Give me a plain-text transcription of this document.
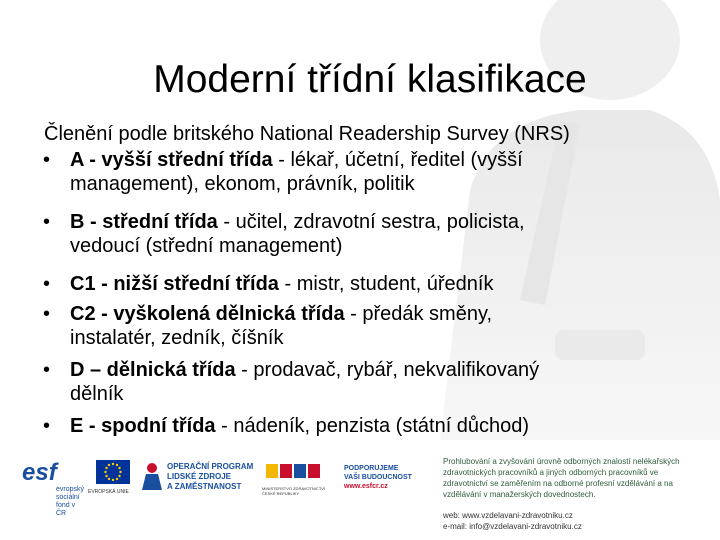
Moderní třídní klasifikace
Členění podle britského National Readership Survey (NRS)
• A - vyšší střední třída - lékař, účetní, ředitel (vyšší
management), ekonom, právník, politik
• B - střední třída - učitel, zdravotní sestra, policista,
vedoucí (střední management)
• C1 - nižší střední třída - mistr, student, úředník
• C2 - vyškolená dělnická třída - předák směny,
instalatér, zedník, číšník
• D – dělnická třída - prodavač, rybář, nekvalifikovaný
dělník
• E - spodní třída - nádeník, penzista (státní důchod)
esf
evropský
sociální
fond v ČR
EVROPSKÁ UNIE
OPERAČNÍ PROGRAM
LIDSKÉ ZDROJE
A ZAMĚSTNANOST	MINISTERSTVO ZDRAVOTNICTVÍ
ČESKÉ REPUBLIKY
PODPORUJEME
VAŠI BUDOUCNOST
www.esfcr.cz
Prohlubování a zvyšování úrovně odborných znalostí nelékařských zdravotnických pracovníků a jiných odborných pracovníků ve zdravotnictví se zaměřením na odborné profesní vzdělávání a na vzdělávání v manažerských dovednostech.
web: www.vzdelavani-zdravotniku.cz
e-mail: info@vzdelavani-zdravotniku.cz
